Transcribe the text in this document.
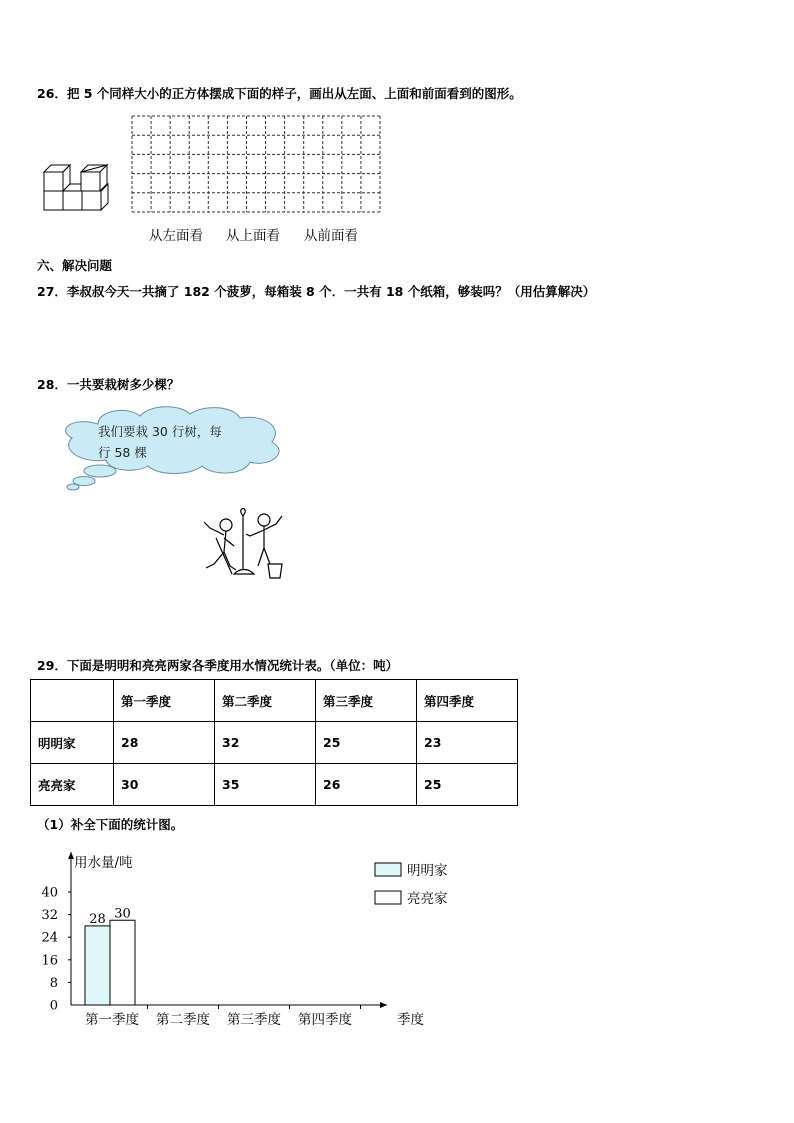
26．把 5 个同样大小的正方体摆成下面的样子，画出从左面、上面和前面看到的图形。
从左面看 从上面看 从前面看
六、解决问题
27．李叔叔今天一共摘了 182 个菠萝，每箱装 8 个．一共有 18 个纸箱，够装吗？（用估算解决）
28．一共要栽树多少棵？
我们要栽 30 行树，每
行 58 棵
29．下面是明明和亮亮两家各季度用水情况统计表。（单位：吨）
	第一季度	第二季度	第三季度	第四季度
明明家	28	32	25	23
亮亮家	30	35	26	25
（1）补全下面的统计图。
用水量/吨
季度
0
8
16
24
32
40
第一季度
28 30
第二季度 第三季度 第四季度
明明家
亮亮家
